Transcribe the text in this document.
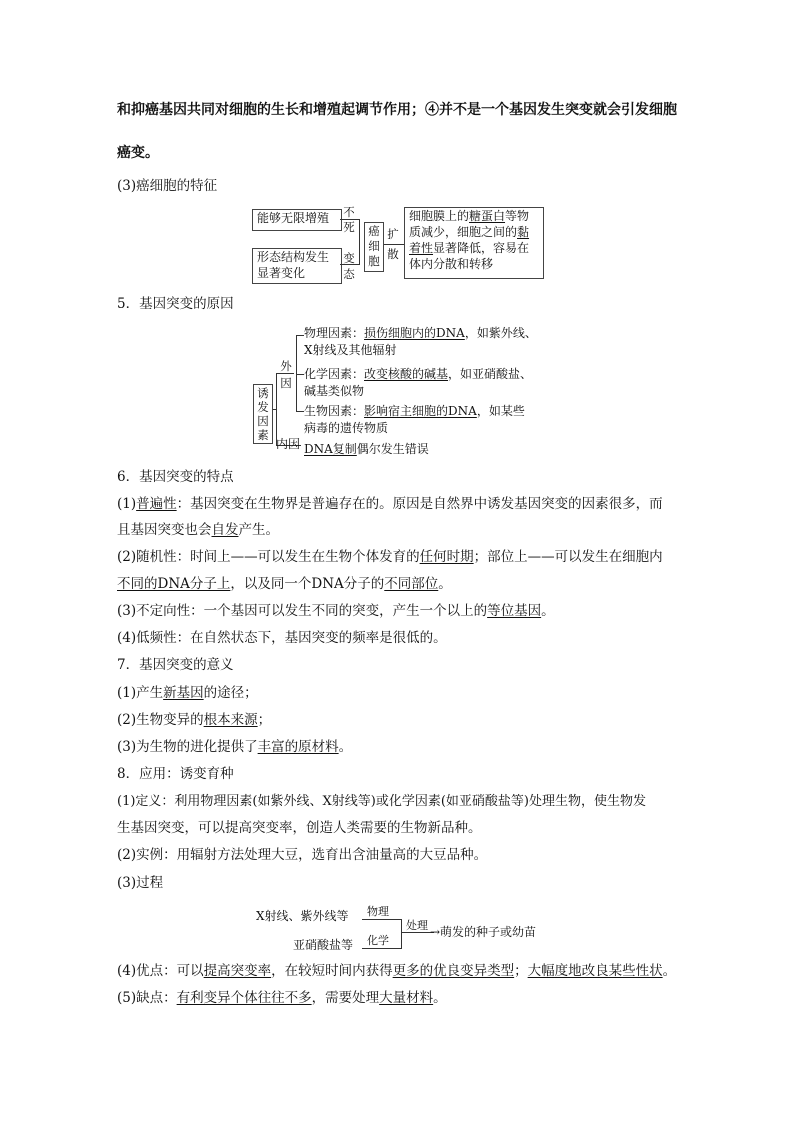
和抑癌基因共同对细胞的生长和增殖起调节作用；④并不是一个基因发生突变就会引发细胞
癌变。
(3)癌细胞的特征
能够无限增殖
形态结构发生
显著变化
不
死
变
态
癌
细
胞
扩
散
细胞膜上的糖蛋白等物
质减少，细胞之间的黏
着性显著降低，容易在
体内分散和转移
5．基因突变的原因
诱
发
因
素
外
因
内因
物理因素：损伤细胞内的DNA，如紫外线、
X射线及其他辐射
化学因素：改变核酸的碱基，如亚硝酸盐、
碱基类似物
生物因素：影响宿主细胞的DNA，如某些
病毒的遗传物质
DNA复制偶尔发生错误
6．基因突变的特点
(1)普遍性：基因突变在生物界是普遍存在的。原因是自然界中诱发基因突变的因素很多，而
且基因突变也会自发产生。
(2)随机性：时间上——可以发生在生物个体发育的任何时期；部位上——可以发生在细胞内
不同的DNA分子上，以及同一个DNA分子的不同部位。
(3)不定向性：一个基因可以发生不同的突变，产生一个以上的等位基因。
(4)低频性：在自然状态下，基因突变的频率是很低的。
7．基因突变的意义
(1)产生新基因的途径；
(2)生物变异的根本来源；
(3)为生物的进化提供了丰富的原材料。
8．应用：诱变育种
(1)定义：利用物理因素(如紫外线、X射线等)或化学因素(如亚硝酸盐等)处理生物，使生物发
生基因突变，可以提高突变率，创造人类需要的生物新品种。
(2)实例：用辐射方法处理大豆，选育出含油量高的大豆品种。
(3)过程
X射线、紫外线等
亚硝酸盐等
物理
化学
处理 →萌发的种子或幼苗
(4)优点：可以提高突变率，在较短时间内获得更多的优良变异类型；大幅度地改良某些性状。
(5)缺点：有利变异个体往往不多，需要处理大量材料。
